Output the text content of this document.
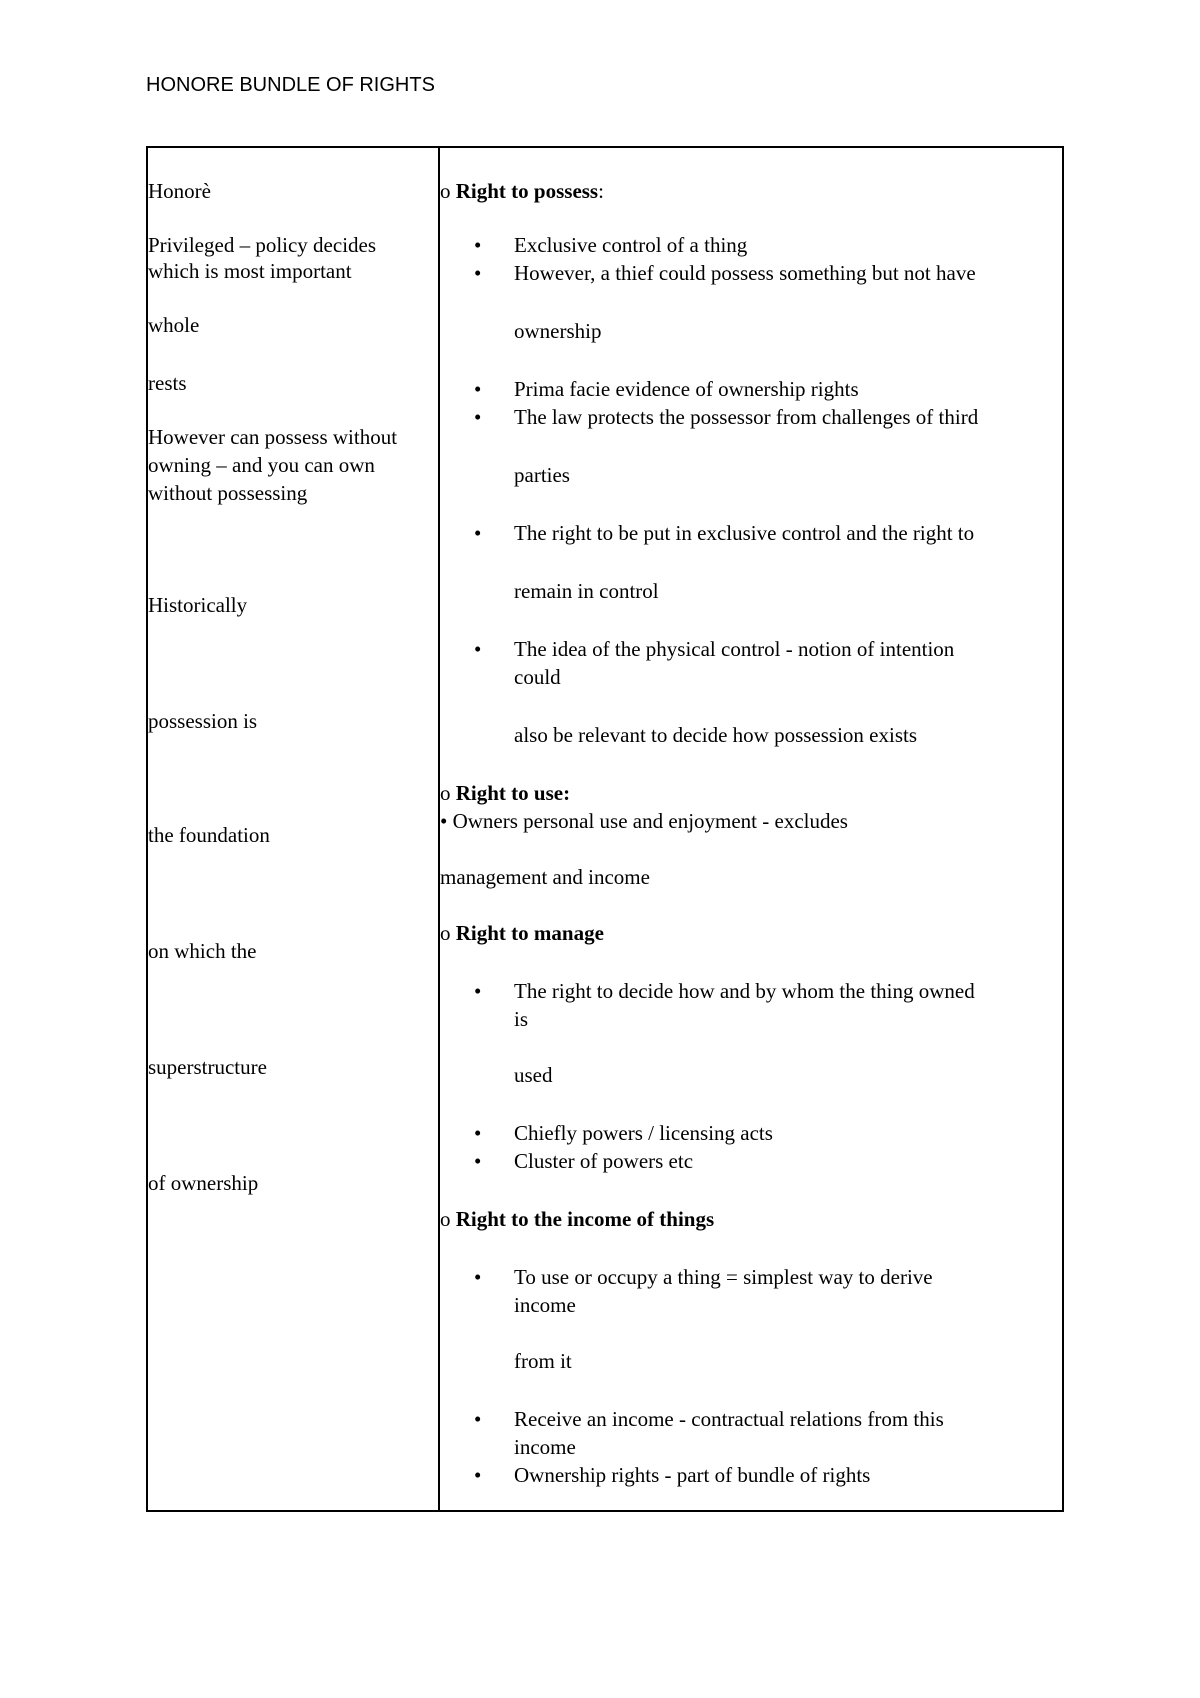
HONORE BUNDLE OF RIGHTS
Honorè
Privileged – policy decides
which is most important
whole
rests
However can possess without
owning – and you can own
without possessing
Historically
possession is
the foundation
on which the
superstructure
of ownership
o Right to possess:
• Exclusive control of a thing
• However, a thief could possess something but not have
ownership
• Prima facie evidence of ownership rights
• The law protects the possessor from challenges of third
parties
• The right to be put in exclusive control and the right to
remain in control
• The idea of the physical control - notion of intention
could
also be relevant to decide how possession exists
o Right to use:
• Owners personal use and enjoyment - excludes
management and income
o Right to manage
• The right to decide how and by whom the thing owned
is
used
• Chiefly powers / licensing acts
• Cluster of powers etc
o Right to the income of things
• To use or occupy a thing = simplest way to derive
income
from it
• Receive an income - contractual relations from this
income
• Ownership rights - part of bundle of rights
